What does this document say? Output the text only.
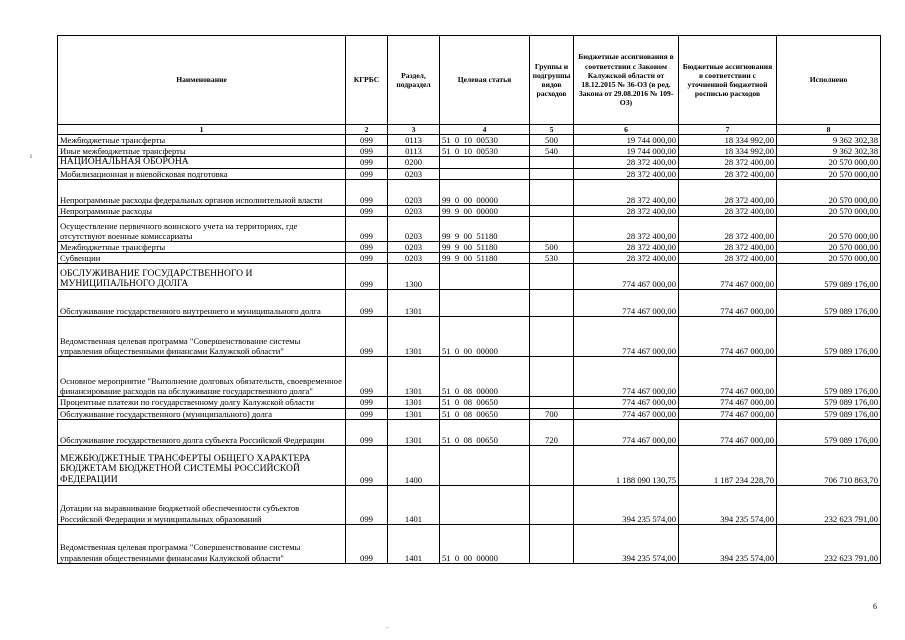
Наименование	КГРБС	Раздел, подраздел	Целевая статья	Группы и подгруппы видов расходов	Бюджетные ассигнования в соответствии с Законом Калужской области от 18.12.2015 № 36-ОЗ (в ред. Закона от 29.08.2016 № 109-ОЗ)	Бюджетные ассигнования в соответствии с уточненной бюджетной росписью расходов	Исполнено
1	2	3	4	5	6	7	8
Межбюджетные трансферты	099	0113	51  0  10  00530	500	19 744 000,00	18 334 992,00	9 362 302,38
Иные межбюджетные трансферты	099	0113	51  0  10  00530	540	19 744 000,00	18 334 992,00	9 362 302,38
НАЦИОНАЛЬНАЯ ОБОРОНА	099	0200			28 372 400,00	28 372 400,00	20 570 000,00
Мобилизационная и вневойсковая подготовка	099	0203			28 372 400,00	28 372 400,00	20 570 000,00
Непрограммные расходы федеральных органов исполнительной власти	099	0203	99  0  00  00000		28 372 400,00	28 372 400,00	20 570 000,00
Непрограммные расходы	099	0203	99  9  00  00000		28 372 400,00	28 372 400,00	20 570 000,00
Осуществление первичного воинского учета на территориях, где отсутствуют военные комиссариаты	099	0203	99  9  00  51180		28 372 400,00	28 372 400,00	20 570 000,00
Межбюджетные трансферты	099	0203	99  9  00  51180	500	28 372 400,00	28 372 400,00	20 570 000,00
Субвенции	099	0203	99  9  00  51180	530	28 372 400,00	28 372 400,00	20 570 000,00
ОБСЛУЖИВАНИЕ ГОСУДАРСТВЕННОГО И МУНИЦИПАЛЬНОГО ДОЛГА	099	1300			774 467 000,00	774 467 000,00	579 089 176,00
Обслуживание государственного внутреннего и муниципального долга	099	1301			774 467 000,00	774 467 000,00	579 089 176,00
Ведомственная целевая программа "Совершенствование системы управления общественными финансами Калужской области"	099	1301	51  0  00  00000		774 467 000,00	774 467 000,00	579 089 176,00
Основное мероприятие "Выполнение долговых обязательств, своевременное финансирование расходов на обслуживание государственного долга"	099	1301	51  0  08  00000		774 467 000,00	774 467 000,00	579 089 176,00
Процентные платежи по государственному долгу Калужской области	099	1301	51  0  08  00650		774 467 000,00	774 467 000,00	579 089 176,00
Обслуживание государственного (муниципального) долга	099	1301	51  0  08  00650	700	774 467 000,00	774 467 000,00	579 089 176,00
Обслуживание государственного долга субъекта Российской Федерации	099	1301	51  0  08  00650	720	774 467 000,00	774 467 000,00	579 089 176,00
МЕЖБЮДЖЕТНЫЕ ТРАНСФЕРТЫ ОБЩЕГО ХАРАКТЕРА БЮДЖЕТАМ БЮДЖЕТНОЙ СИСТЕМЫ РОССИЙСКОЙ ФЕДЕРАЦИИ	099	1400			1 188 090 130,75	1 187 234 228,70	706 710 863,70
Дотации на выравнивание бюджетной обеспеченности субъектов Российской Федерации и муниципальных образований	099	1401			394 235 574,00	394 235 574,00	232 623 791,00
Ведомственная целевая программа "Совершенствование системы управления общественными финансами Калужской области"	099	1401	51  0  00  00000		394 235 574,00	394 235 574,00	232 623 791,00
6
ı
·
